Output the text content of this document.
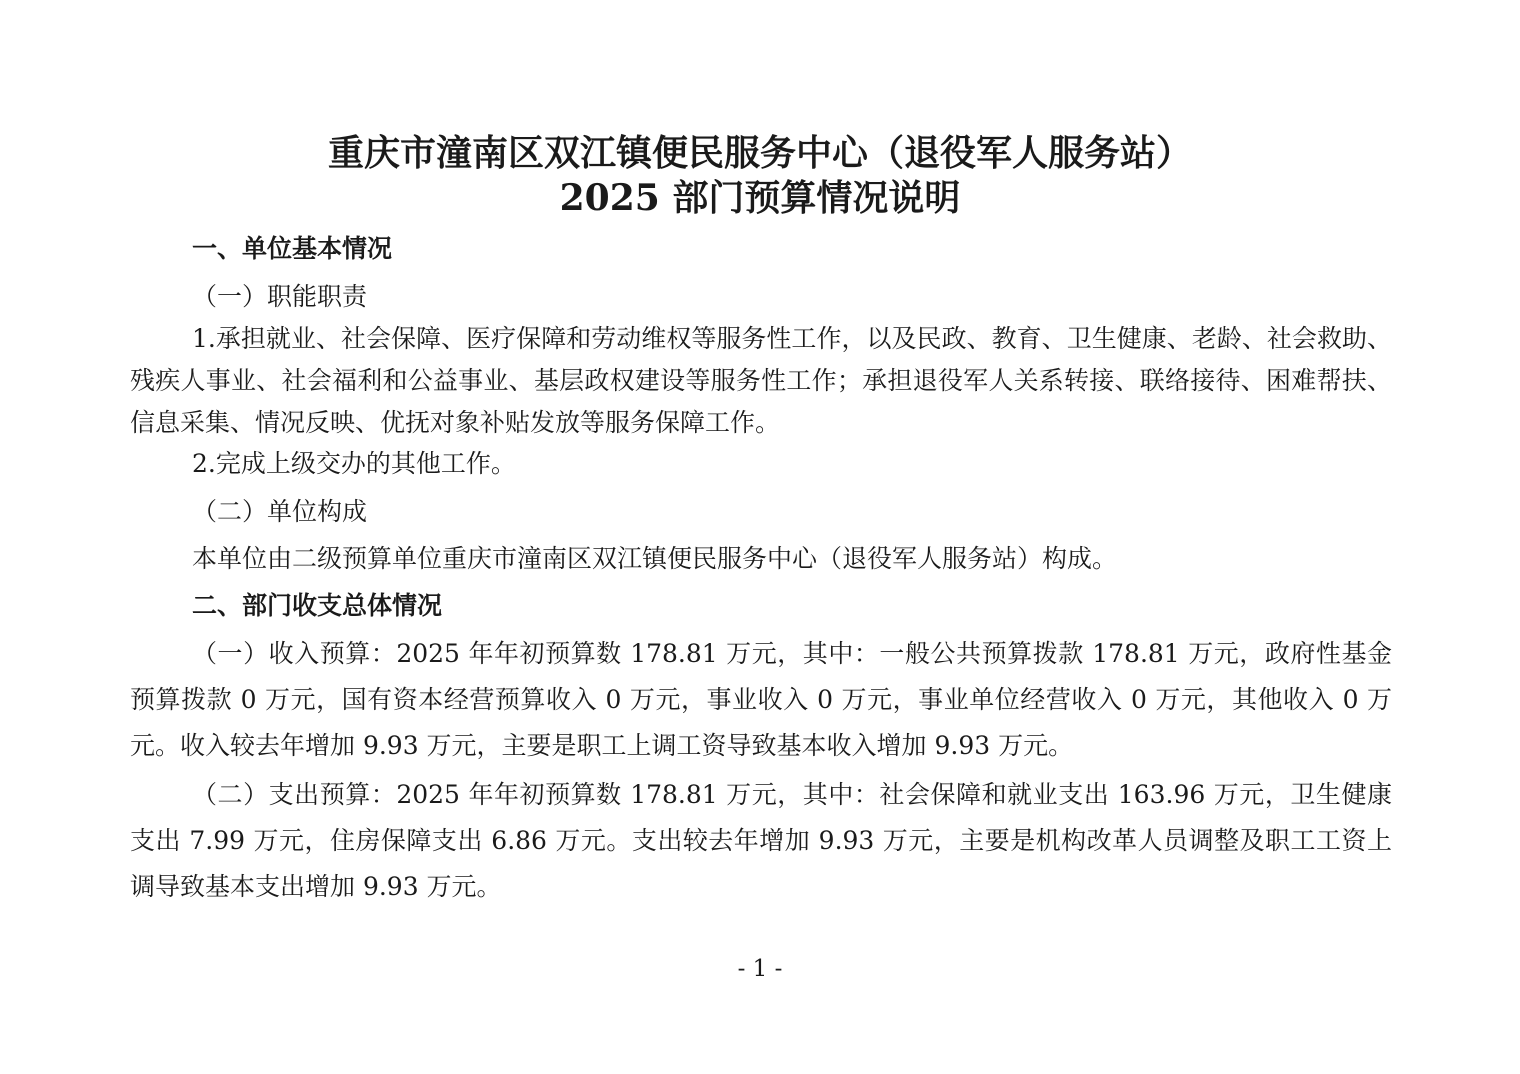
重庆市潼南区双江镇便民服务中心（退役军人服务站）
2025 部门预算情况说明
一、单位基本情况
（一）职能职责
1.承担就业、社会保障、医疗保障和劳动维权等服务性工作，以及民政、教育、卫生健康、老龄、社会救助、残疾人事业、社会福利和公益事业、基层政权建设等服务性工作；承担退役军人关系转接、联络接待、困难帮扶、信息采集、情况反映、优抚对象补贴发放等服务保障工作。
2.完成上级交办的其他工作。
（二）单位构成
本单位由二级预算单位重庆市潼南区双江镇便民服务中心（退役军人服务站）构成。
二、部门收支总体情况
（一）收入预算：2025 年年初预算数 178.81 万元，其中：一般公共预算拨款 178.81 万元，政府性基金预算拨款 0 万元，国有资本经营预算收入 0 万元，事业收入 0 万元，事业单位经营收入 0 万元，其他收入 0 万元。收入较去年增加 9.93 万元，主要是职工上调工资导致基本收入增加 9.93 万元。
（二）支出预算：2025 年年初预算数 178.81 万元，其中：社会保障和就业支出 163.96 万元，卫生健康支出 7.99 万元，住房保障支出 6.86 万元。支出较去年增加 9.93 万元，主要是机构改革人员调整及职工工资上调导致基本支出增加 9.93 万元。
- 1 -
